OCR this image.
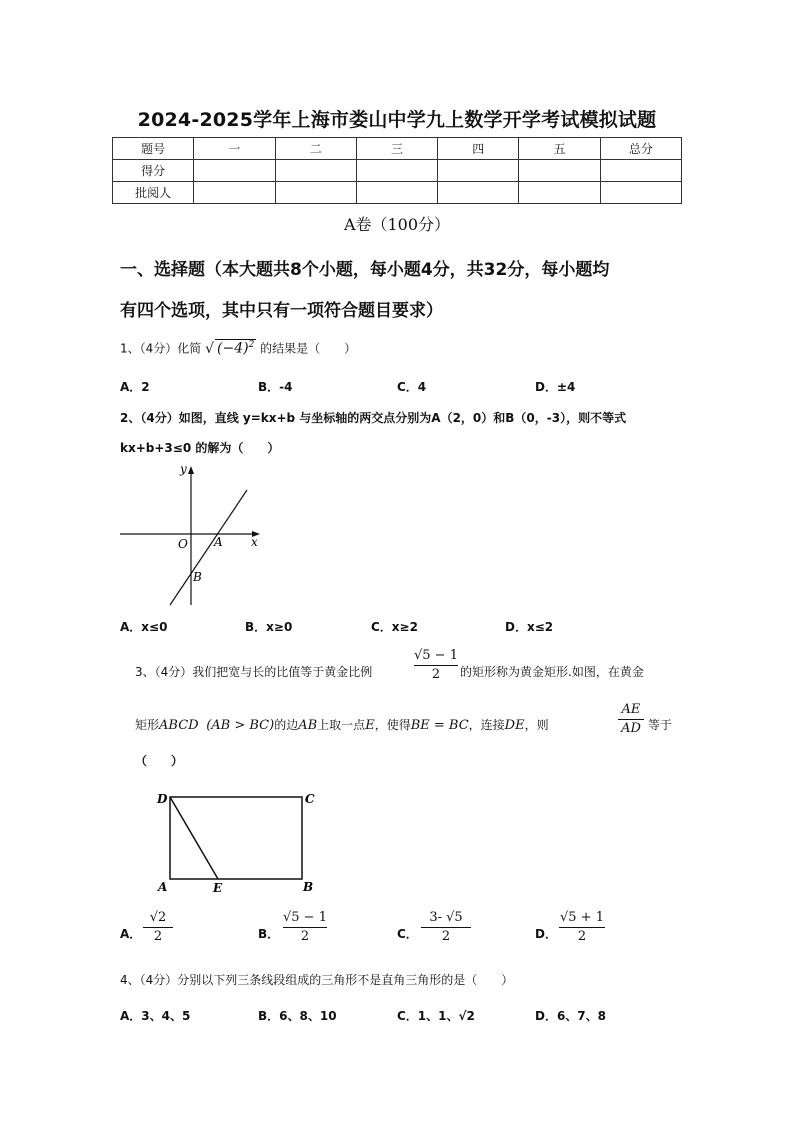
2024-2025学年上海市娄山中学九上数学开学考试模拟试题
题号	一	二	三	四	五	总分
得分						
批阅人						
A卷（100分）
一、选择题（本大题共8个小题，每小题4分，共32分，每小题均
有四个选项，其中只有一项符合题目要求）
1、（4分）化简 √ $(-4)^2$ 的结果是（　　）
A．2	B．-4	C．4	D．±4
2、（4分）如图，直线 y=kx+b 与坐标轴的两交点分别为A（2，0）和B（0，-3），则不等式
kx+b+3≤0 的解为（　　）
y
x
O A
B
A．x≤0	B．x≥0	C．x≥2	D．x≤2
3、（4分）我们把宽与长的比值等于黄金比例
√5 − 1
2	的矩形称为黄金矩形.如图，在黄金
矩形ABCD (AB > BC)的边AB上取一点E，使得BE = BC，连接DE，则
AE
AD 等于
（　　）
D	C
A	E	B
A．
√2
2	B．
√5 − 1
2	C．
3- √5
2	D．
√5 + 1
2
4、（4分）分别以下列三条线段组成的三角形不是直角三角形的是（　　）
A．3、4、5	B．6、8、10	C．1、1、√2	D．6、7、8
